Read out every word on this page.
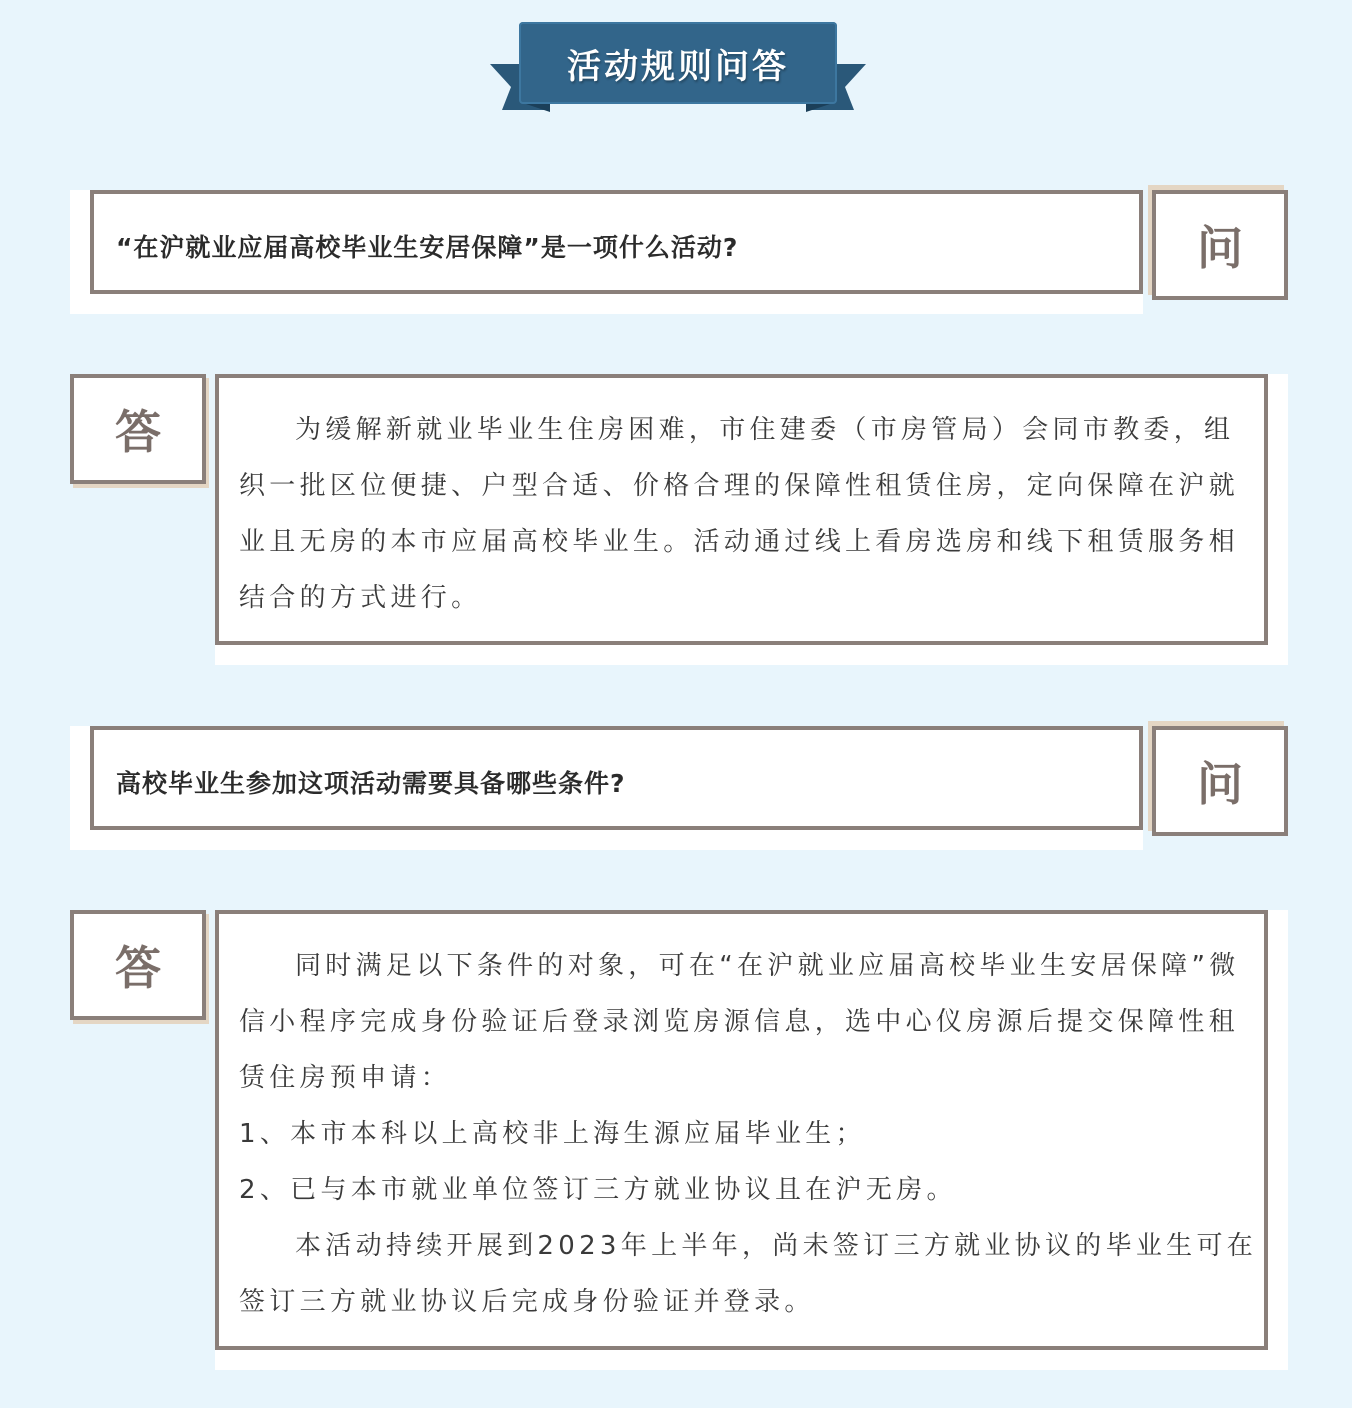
活动规则问答
“在沪就业应届高校毕业生安居保障”是一项什么活动?	问
答	为缓解新就业毕业生住房困难，市住建委（市房管局）会同市教委，组

织一批区位便捷、户型合适、价格合理的保障性租赁住房，定向保障在沪就

业且无房的本市应届高校毕业生。活动通过线上看房选房和线下租赁服务相

结合的方式进行。

高校毕业生参加这项活动需要具备哪些条件?	问
答	同时满足以下条件的对象，可在“在沪就业应届高校毕业生安居保障”微

信小程序完成身份验证后登录浏览房源信息，选中心仪房源后提交保障性租

赁住房预申请：

1、本市本科以上高校非上海生源应届毕业生；

2、已与本市就业单位签订三方就业协议且在沪无房。

本活动持续开展到2023年上半年，尚未签订三方就业协议的毕业生可在

签订三方就业协议后完成身份验证并登录。
